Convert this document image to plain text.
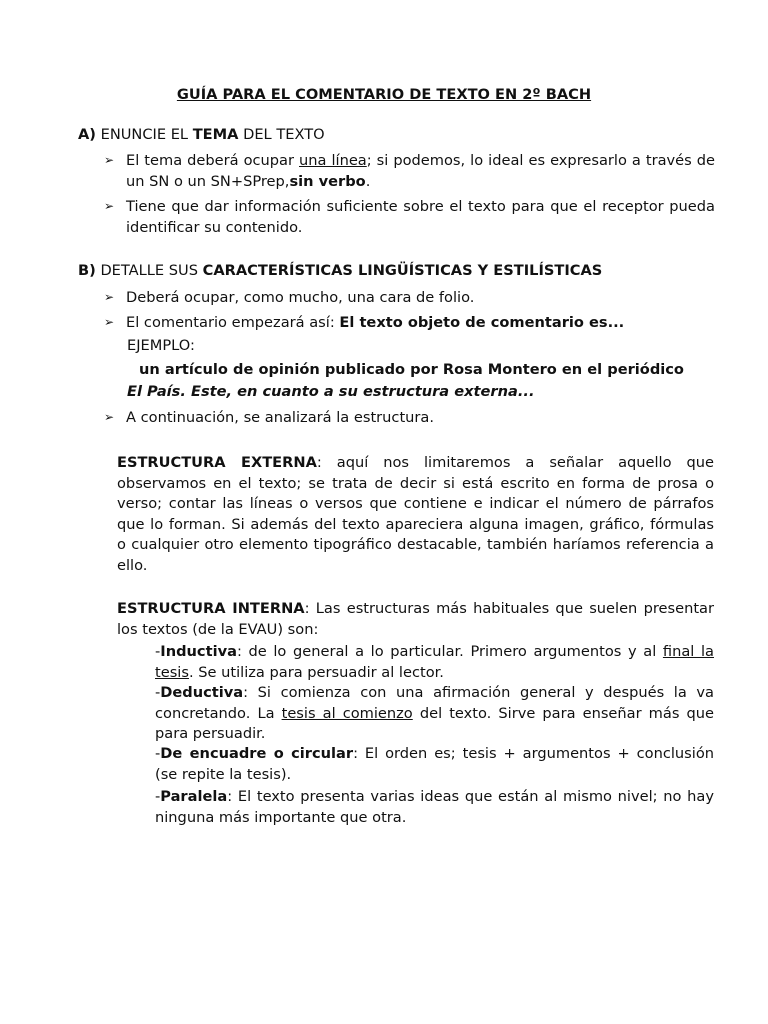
GUÍA PARA EL COMENTARIO DE TEXTO EN 2º BACH
A) ENUNCIE EL TEMA DEL TEXTO
➢ El tema deberá ocupar una línea; si podemos, lo ideal es expresarlo a través de un SN o un SN+SPrep,sin verbo.
➢ Tiene que dar información suficiente sobre el texto para que el receptor pueda identificar su contenido.
B) DETALLE SUS CARACTERÍSTICAS LINGÜÍSTICAS Y ESTILÍSTICAS
➢ Deberá ocupar, como mucho, una cara de folio.
➢ El comentario empezará así: El texto objeto de comentario es...
EJEMPLO:
un artículo de opinión publicado por Rosa Montero en el periódico
El País. Este, en cuanto a su estructura externa...
➢ A continuación, se analizará la estructura.
ESTRUCTURA EXTERNA: aquí nos limitaremos a señalar aquello que observamos en el texto; se trata de decir si está escrito en forma de prosa o verso; contar las líneas o versos que contiene e indicar el número de párrafos que lo forman. Si además del texto apareciera alguna imagen, gráfico, fórmulas o cualquier otro elemento tipográfico destacable, también haríamos referencia a ello.
ESTRUCTURA INTERNA: Las estructuras más habituales que suelen presentar los textos (de la EVAU) son:
-Inductiva: de lo general a lo particular. Primero argumentos y al final la tesis. Se utiliza para persuadir al lector.
-Deductiva: Si comienza con una afirmación general y después la va concretando. La tesis al comienzo del texto. Sirve para enseñar más que para persuadir.
-De encuadre o circular: El orden es; tesis + argumentos + conclusión (se repite la tesis).
-Paralela: El texto presenta varias ideas que están al mismo nivel; no hay ninguna más importante que otra.
